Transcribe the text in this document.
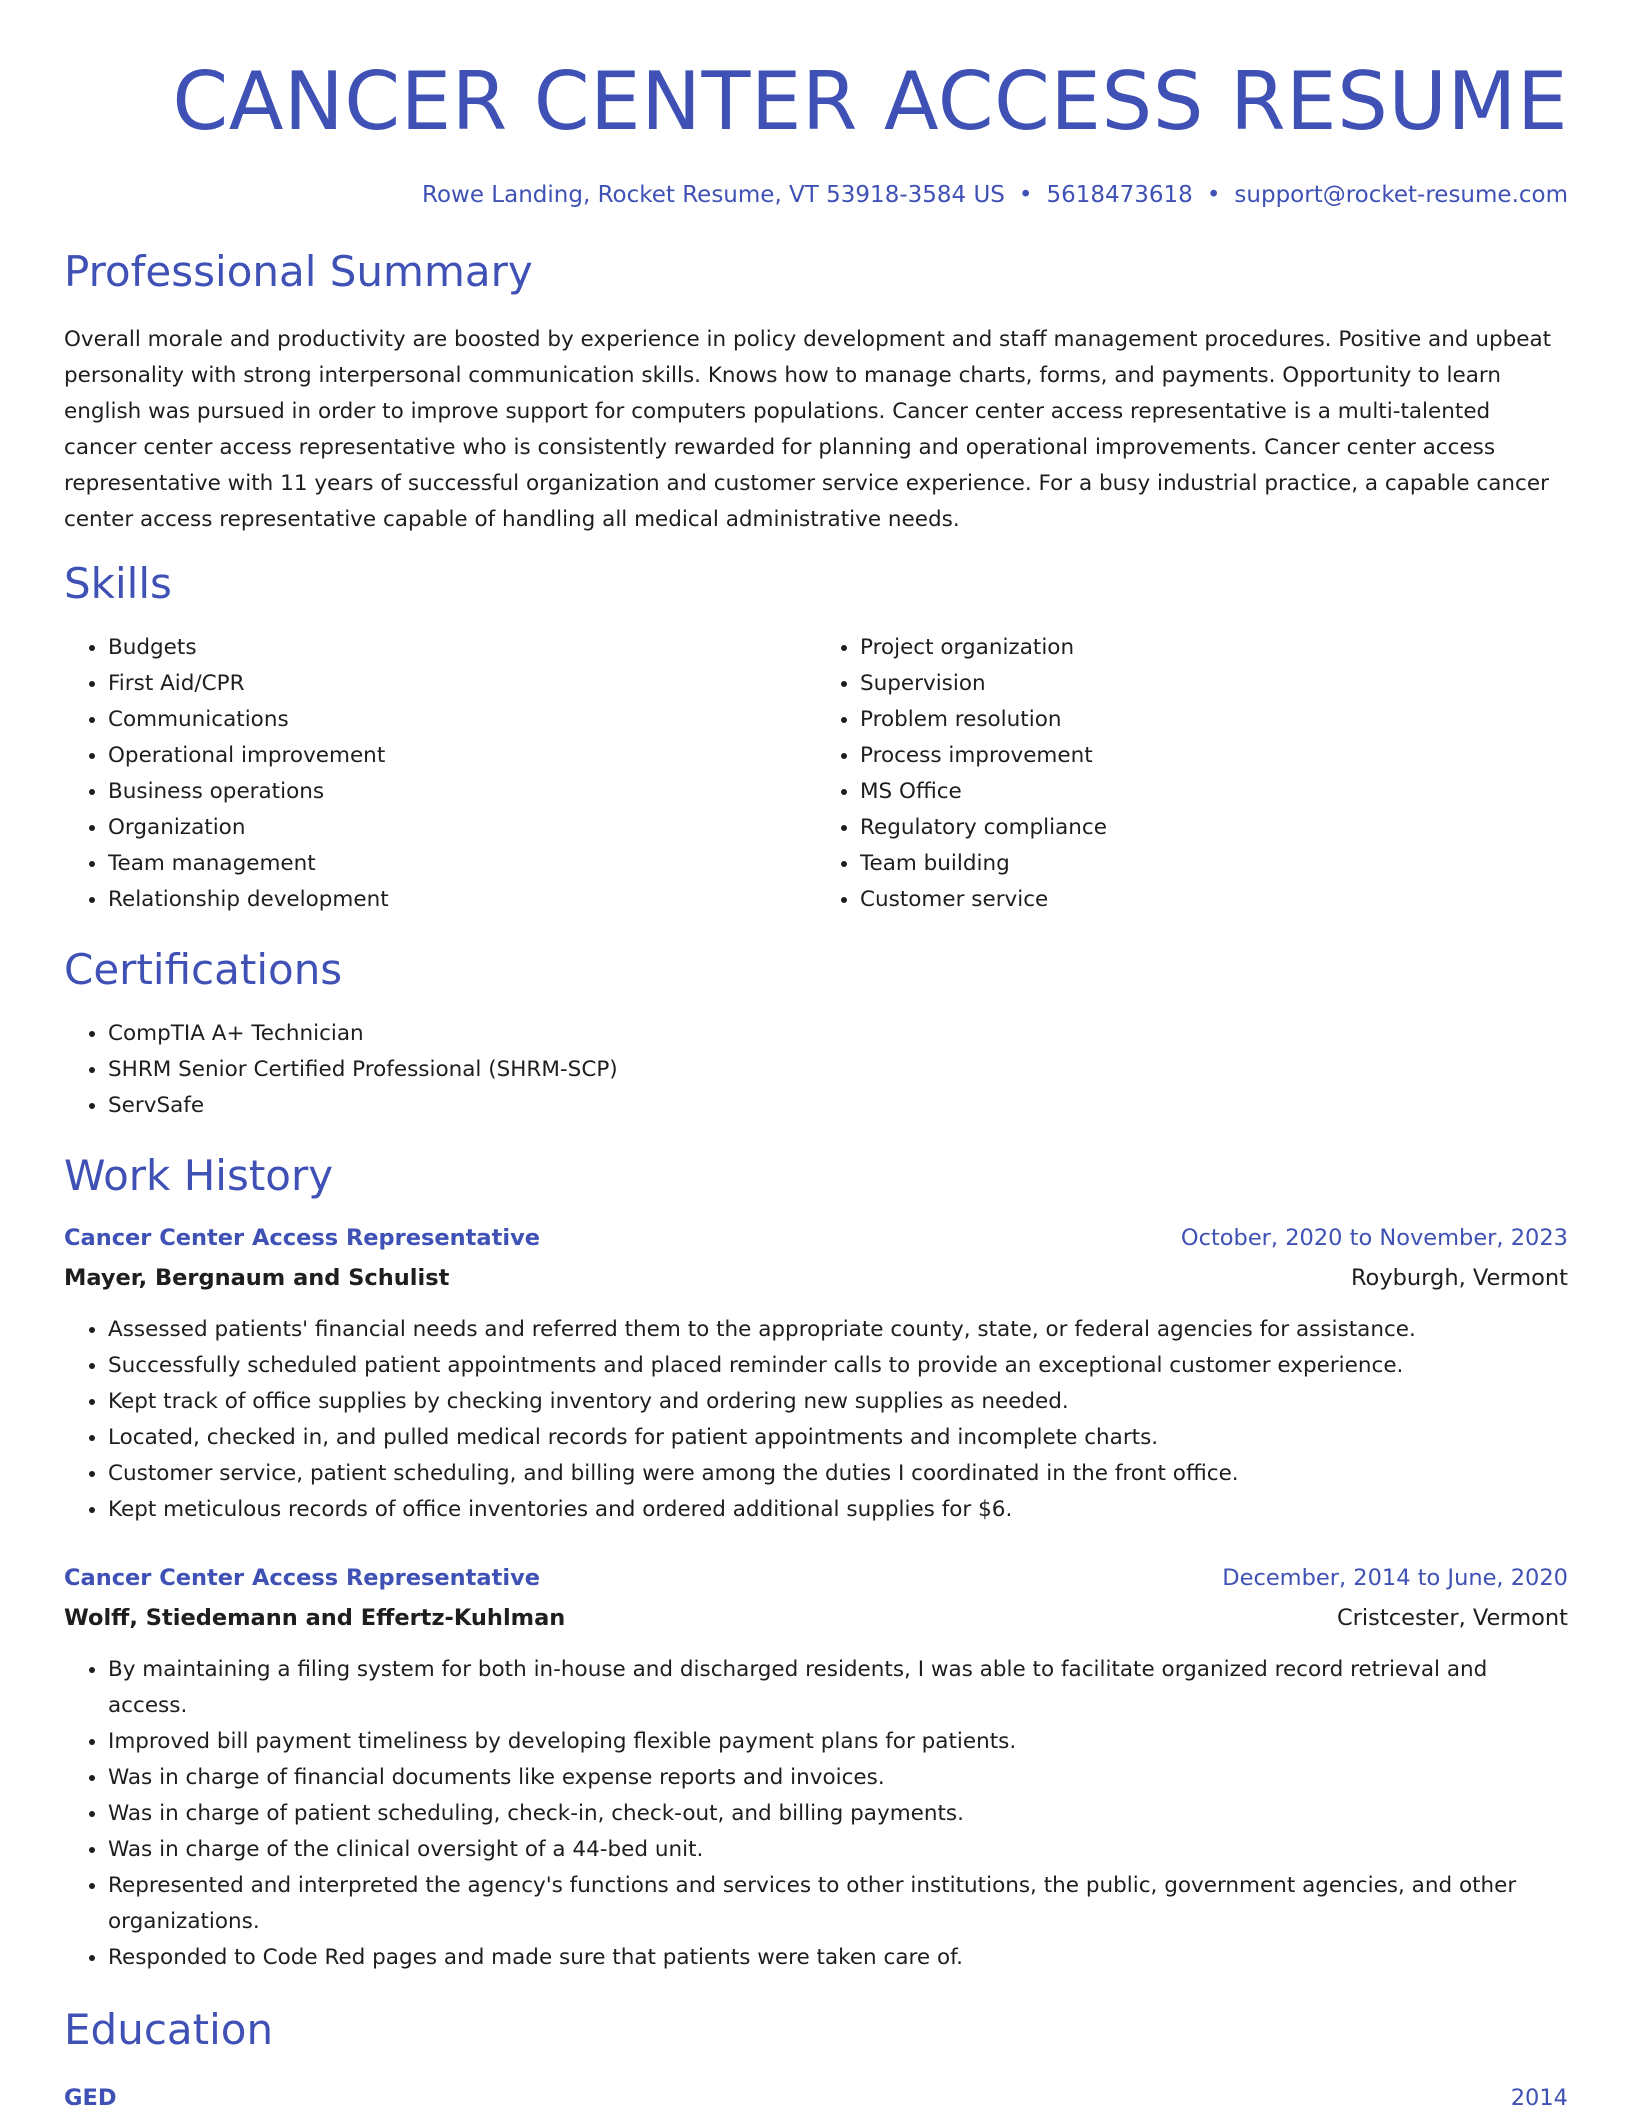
CANCER CENTER ACCESS RESUME
Rowe Landing, Rocket Resume, VT 53918-3584 US • 5618473618 • support@rocket-resume.com
Professional Summary

Overall morale and productivity are boosted by experience in policy development and staff management procedures. Positive and upbeat personality with strong interpersonal communication skills. Knows how to manage charts, forms, and payments. Opportunity to learn english was pursued in order to improve support for computers populations. Cancer center access representative is a multi-talented cancer center access representative who is consistently rewarded for planning and operational improvements. Cancer center access representative with 11 years of successful organization and customer service experience. For a busy industrial practice, a capable cancer center access representative capable of handling all medical administrative needs.

Skills
• Budgets
• First Aid/CPR
• Communications
• Operational improvement
• Business operations
• Organization
• Team management
• Relationship development
• Project organization
• Supervision
• Problem resolution
• Process improvement
• MS Office
• Regulatory compliance
• Team building
• Customer service
Certifications
• CompTIA A+ Technician
• SHRM Senior Certified Professional (SHRM-SCP)
• ServSafe
Work History
Cancer Center Access Representative	October, 2020 to November, 2023
Mayer, Bergnaum and Schulist	Royburgh, Vermont
• Assessed patients' financial needs and referred them to the appropriate county, state, or federal agencies for assistance.
• Successfully scheduled patient appointments and placed reminder calls to provide an exceptional customer experience.
• Kept track of office supplies by checking inventory and ordering new supplies as needed.
• Located, checked in, and pulled medical records for patient appointments and incomplete charts.
• Customer service, patient scheduling, and billing were among the duties I coordinated in the front office.
• Kept meticulous records of office inventories and ordered additional supplies for $6.
Cancer Center Access Representative	December, 2014 to June, 2020
Wolff, Stiedemann and Effertz-Kuhlman	Cristcester, Vermont
• By maintaining a filing system for both in-house and discharged residents, I was able to facilitate organized record retrieval and access.
• Improved bill payment timeliness by developing flexible payment plans for patients.
• Was in charge of financial documents like expense reports and invoices.
• Was in charge of patient scheduling, check-in, check-out, and billing payments.
• Was in charge of the clinical oversight of a 44-bed unit.
• Represented and interpreted the agency's functions and services to other institutions, the public, government agencies, and other organizations.
• Responded to Code Red pages and made sure that patients were taken care of.
Education
GED	2014
